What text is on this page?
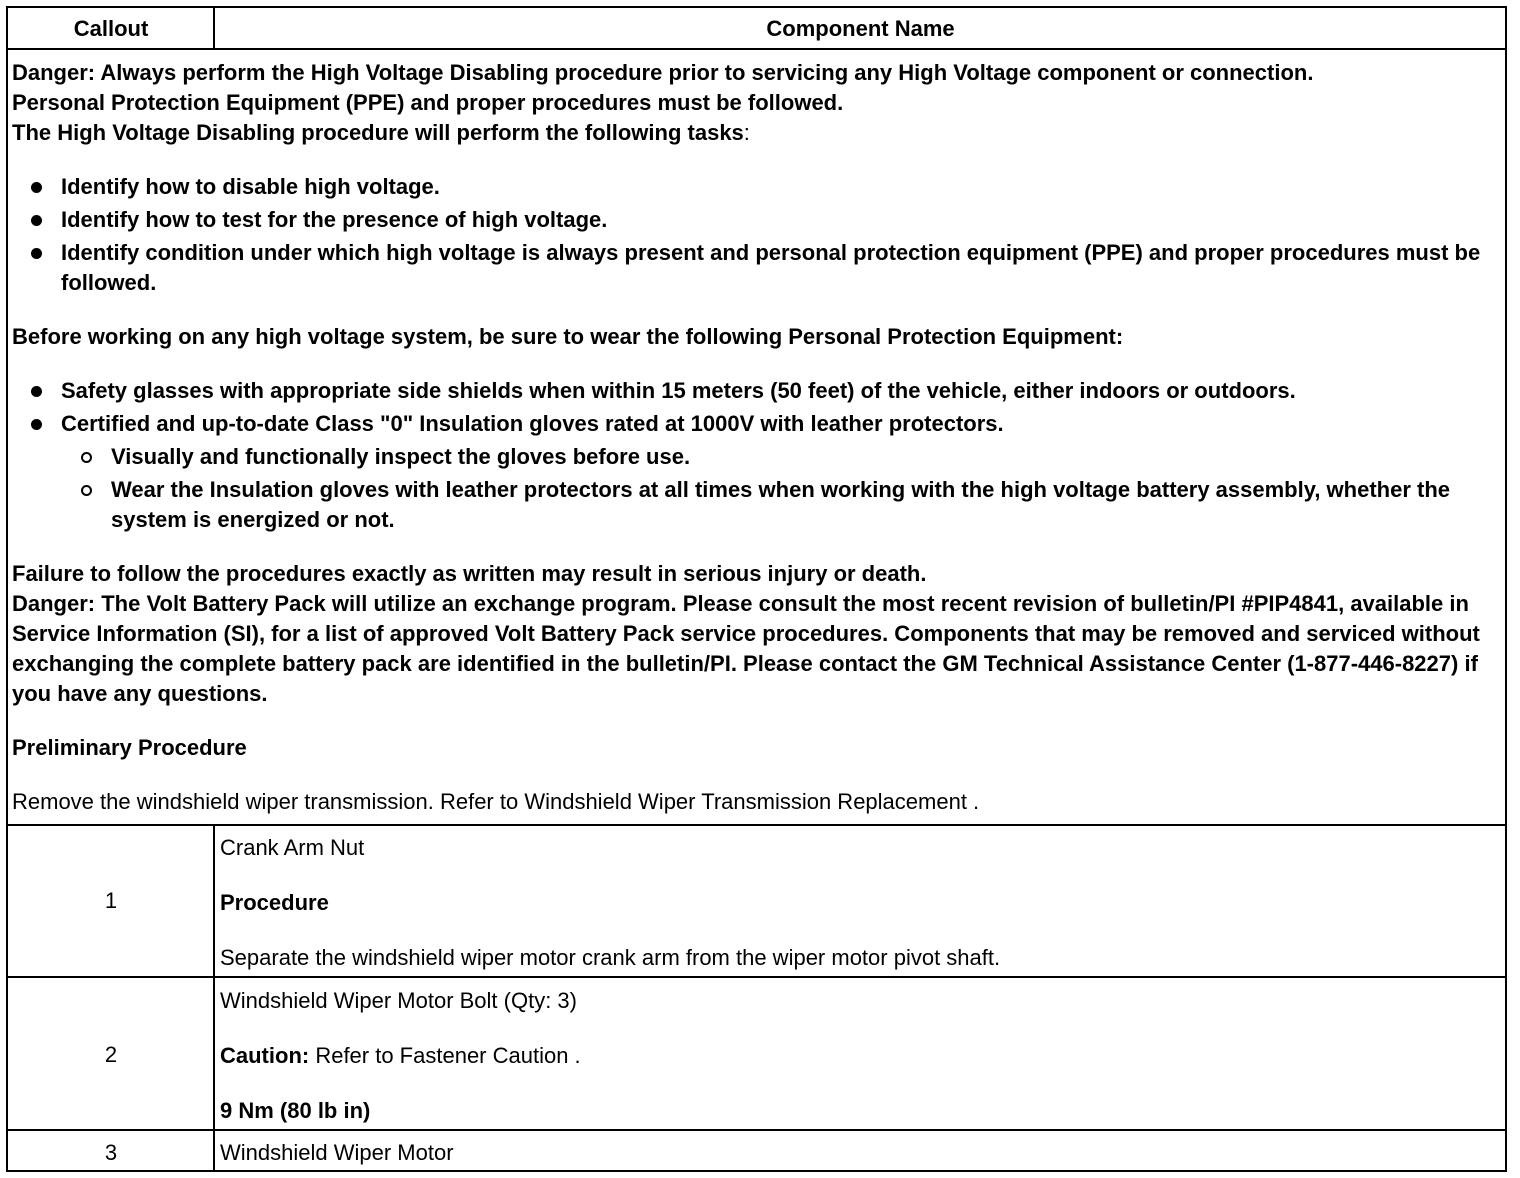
Callout	Component Name

Danger: Always perform the High Voltage Disabling procedure prior to servicing any High Voltage component or connection.

Personal Protection Equipment (PPE) and proper procedures must be followed.

The High Voltage Disabling procedure will perform the following tasks:

Identify how to disable high voltage.
Identify how to test for the presence of high voltage.
Identify condition under which high voltage is always present and personal protection equipment (PPE) and proper procedures must be followed.

Before working on any high voltage system, be sure to wear the following Personal Protection Equipment:

Safety glasses with appropriate side shields when within 15 meters (50 feet) of the vehicle, either indoors or outdoors.
Certified and up-to-date Class "0" Insulation gloves rated at 1000V with leather protectors.
Visually and functionally inspect the gloves before use.
Wear the Insulation gloves with leather protectors at all times when working with the high voltage battery assembly, whether the system is energized or not.

Failure to follow the procedures exactly as written may result in serious injury or death.

Danger: The Volt Battery Pack will utilize an exchange program. Please consult the most recent revision of bulletin/PI #PIP4841, available in Service Information (SI), for a list of approved Volt Battery Pack service procedures. Components that may be removed and serviced without exchanging the complete battery pack are identified in the bulletin/PI. Please contact the GM Technical Assistance Center (1-877-446-8227) if you have any questions.

Preliminary Procedure

Remove the windshield wiper transmission. Refer to Windshield Wiper Transmission Replacement .

1
Crank Arm Nut
Procedure
Separate the windshield wiper motor crank arm from the wiper motor pivot shaft.
2
Windshield Wiper Motor Bolt (Qty: 3)
Caution: Refer to Fastener Caution .
9 Nm (80 lb in)
3	Windshield Wiper Motor
